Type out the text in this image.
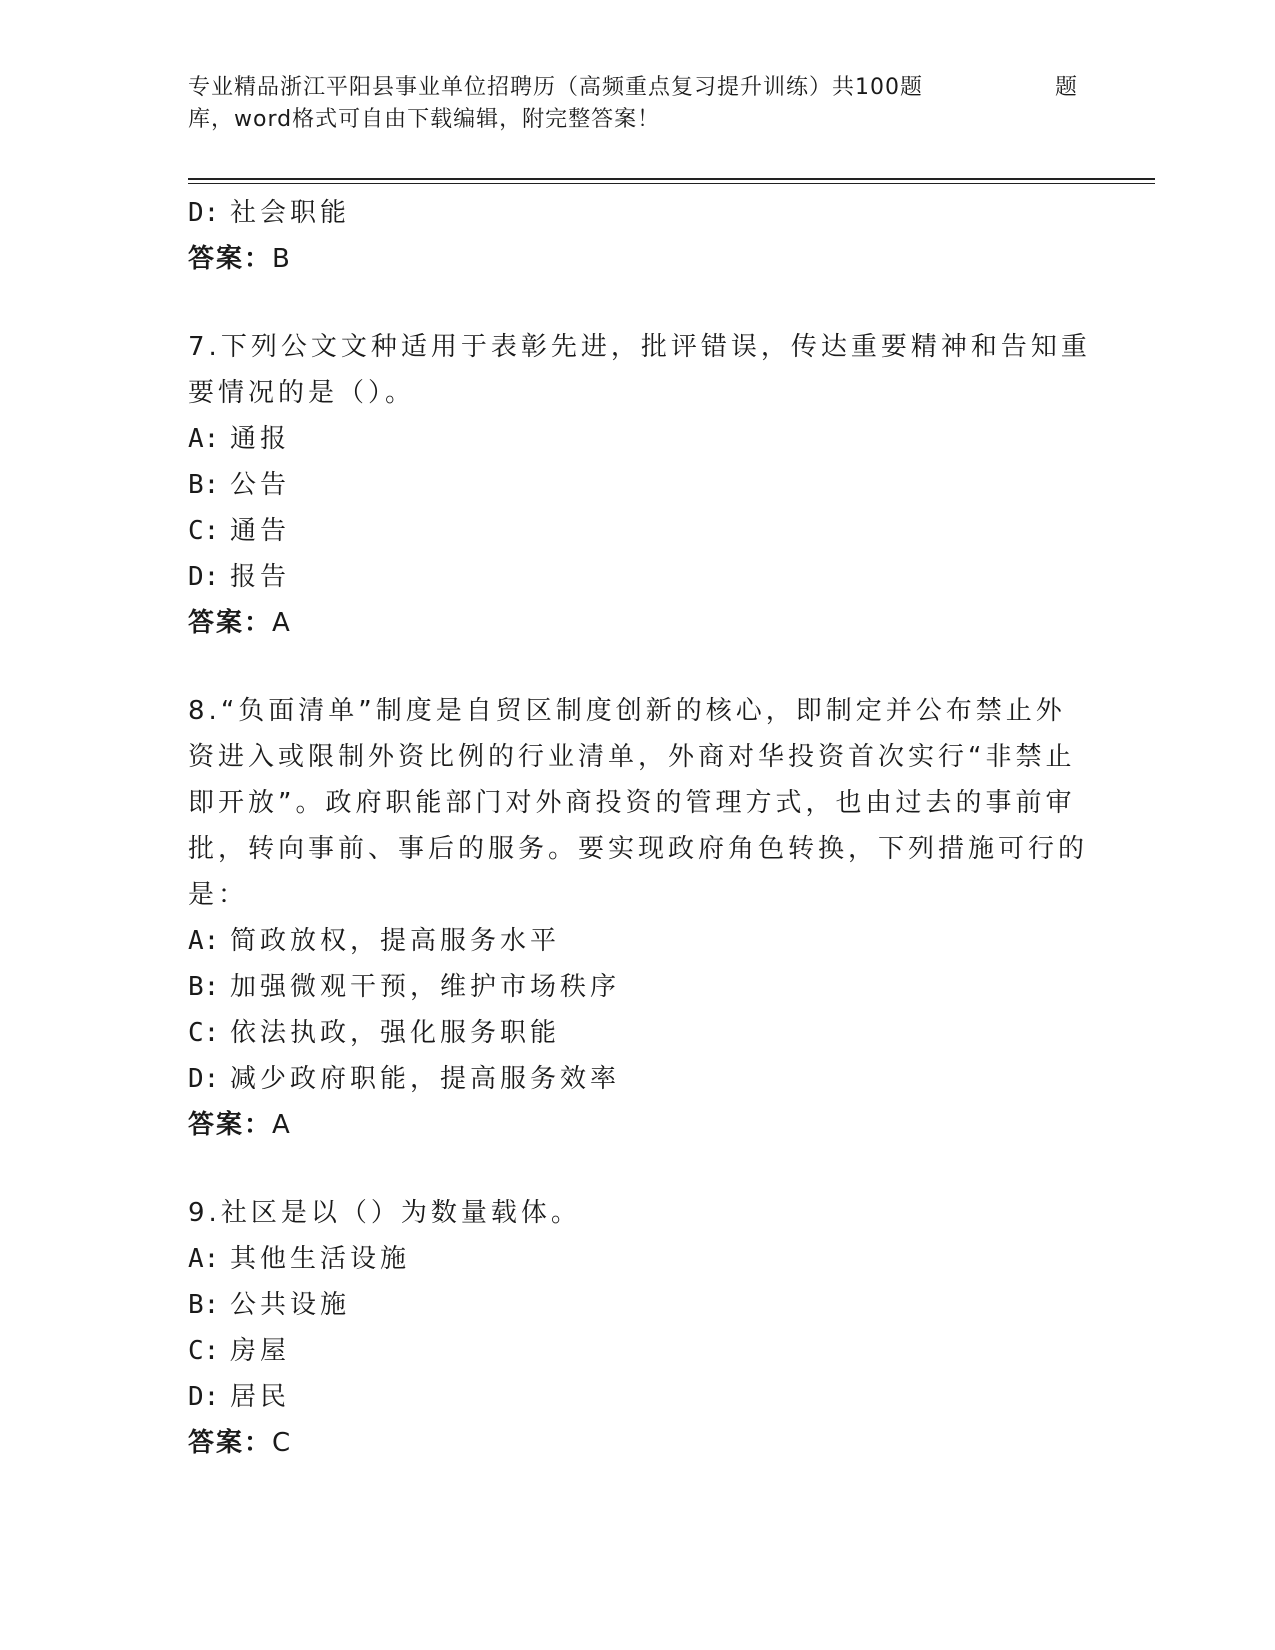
专业精品浙江平阳县事业单位招聘历（高频重点复习提升训练）共100题	题
库，word格式可自由下载编辑，附完整答案！
D: 社会职能
答案：B
7.下列公文文种适用于表彰先进，批评错误，传达重要精神和告知重
要情况的是（）。
A: 通报
B: 公告
C: 通告
D: 报告
答案：A
8.“负面清单”制度是自贸区制度创新的核心，即制定并公布禁止外
资进入或限制外资比例的行业清单，外商对华投资首次实行“非禁止
即开放”。政府职能部门对外商投资的管理方式，也由过去的事前审
批，转向事前、事后的服务。要实现政府角色转换，下列措施可行的
是：
A: 简政放权，提高服务水平
B: 加强微观干预，维护市场秩序
C: 依法执政，强化服务职能
D: 减少政府职能，提高服务效率
答案：A
9.社区是以（）为数量载体。
A: 其他生活设施
B: 公共设施
C: 房屋
D: 居民
答案：C
